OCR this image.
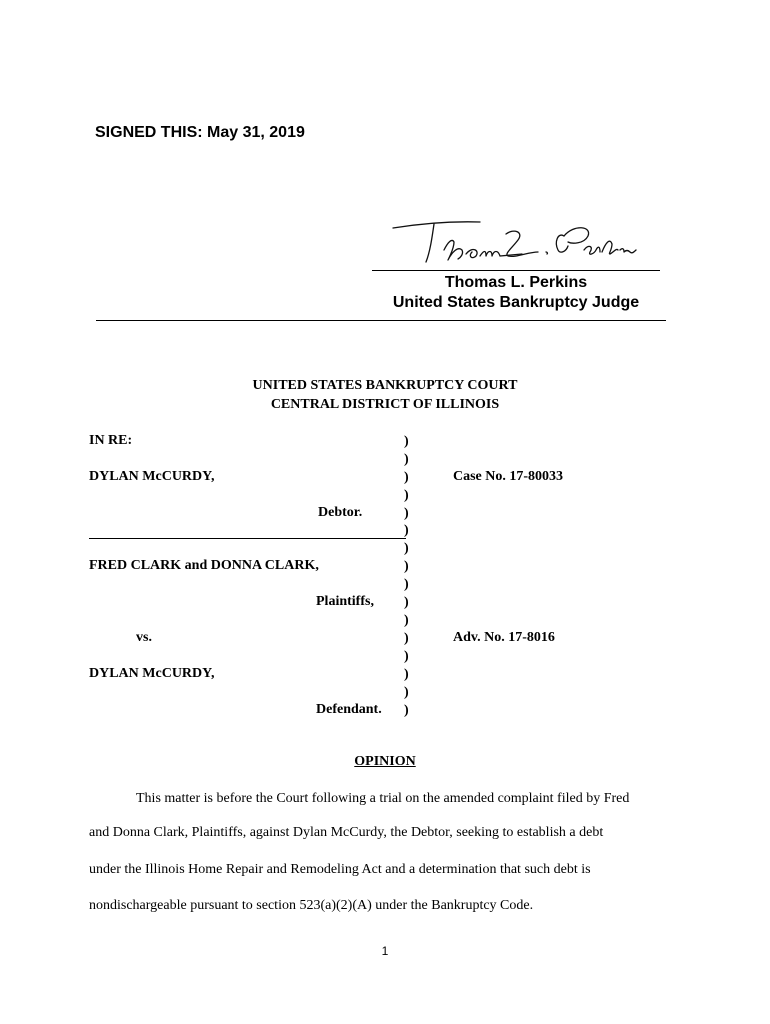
SIGNED THIS: May 31, 2019
Thomas L. Perkins
United States Bankruptcy Judge
UNITED STATES BANKRUPTCY COURT
CENTRAL DISTRICT OF ILLINOIS
IN RE:
DYLAN McCURDY,
Debtor.
FRED CLARK and DONNA CLARK,
Plaintiffs,
vs.
DYLAN McCURDY,
Defendant.
)
)
)
)
)
)
)
)
)
)
)
)
)
)
)
)
Case No. 17-80033
Adv. No. 17-8016
OPINION
This matter is before the Court following a trial on the amended complaint filed by Fred
and Donna Clark, Plaintiffs, against Dylan McCurdy, the Debtor, seeking to establish a debt
under the Illinois Home Repair and Remodeling Act and a determination that such debt is
nondischargeable pursuant to section 523(a)(2)(A) under the Bankruptcy Code.
1
